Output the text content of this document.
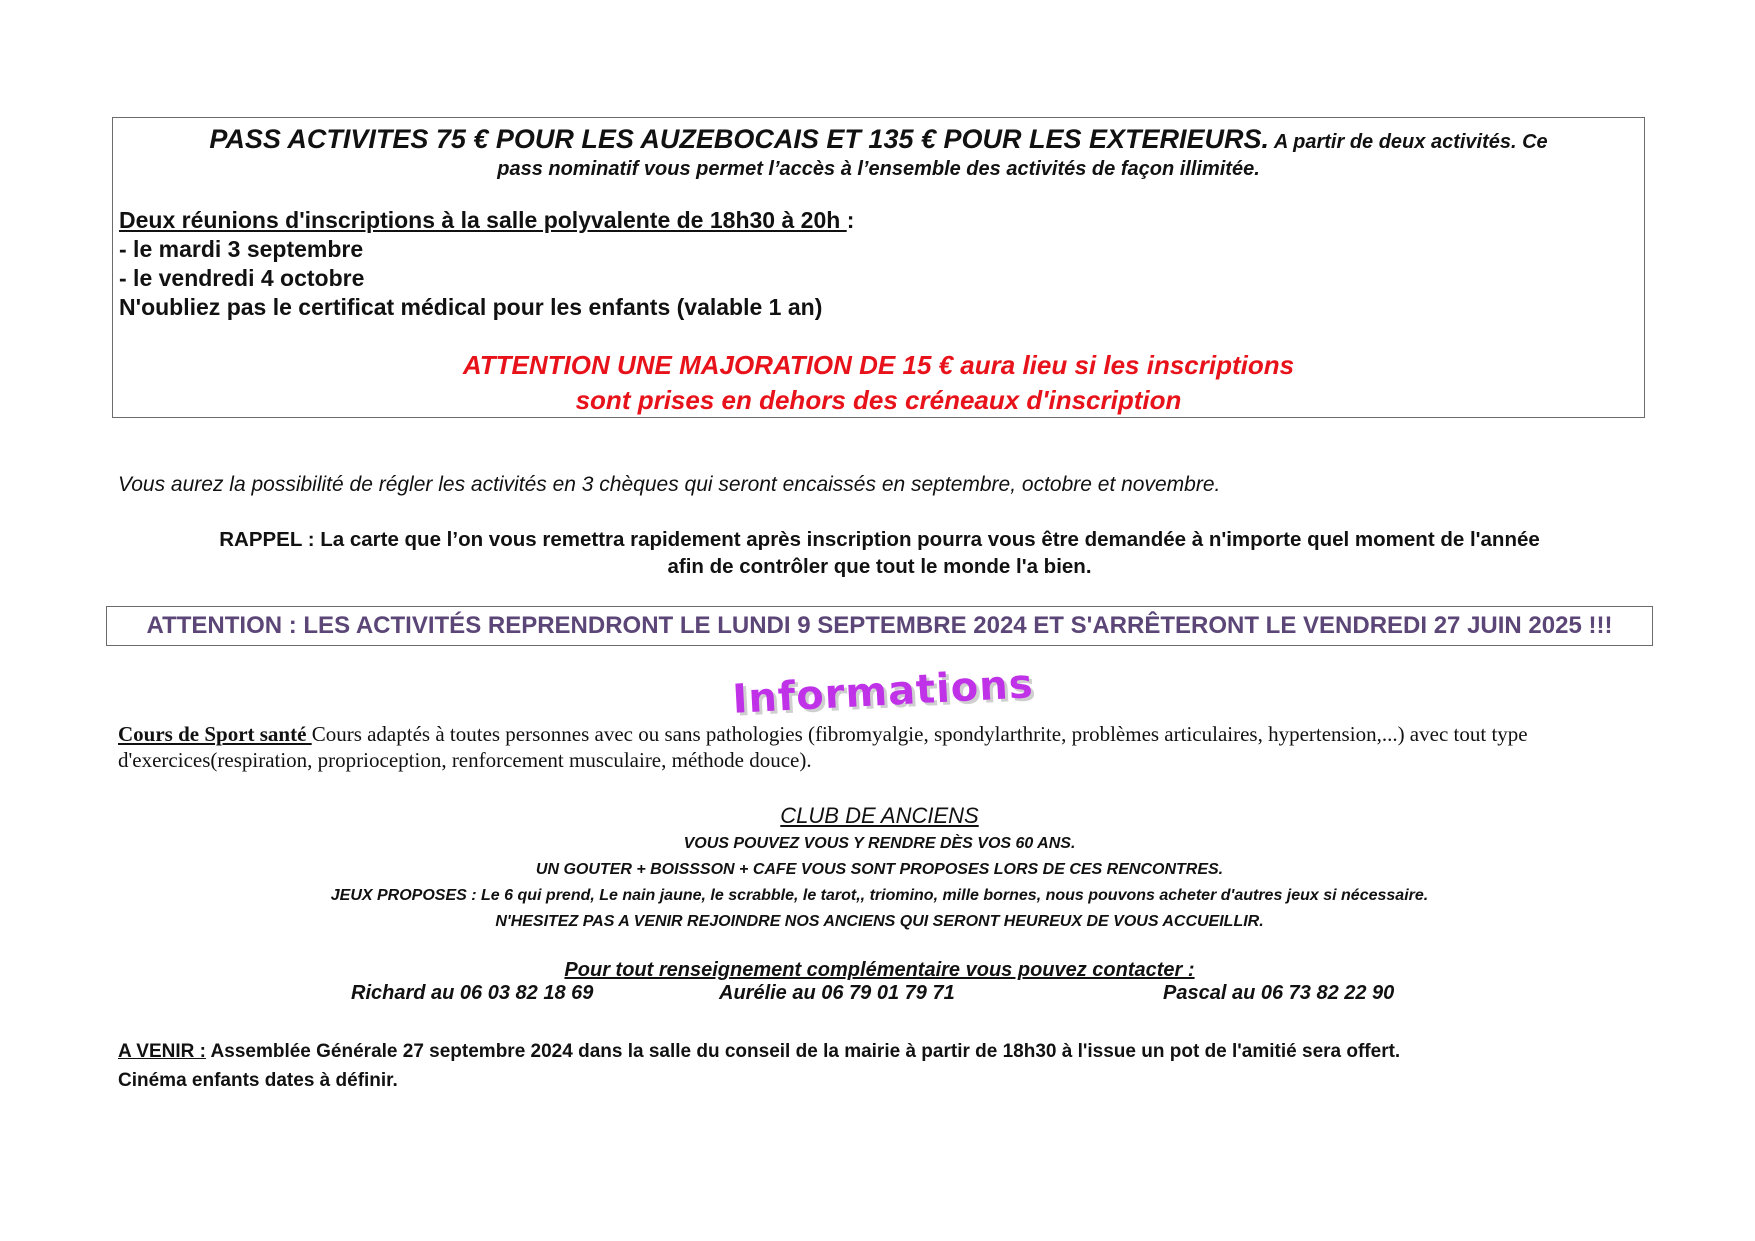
PASS ACTIVITES 75 € POUR LES AUZEBOCAIS ET 135 € POUR LES EXTERIEURS. A partir de deux activités. Ce
pass nominatif vous permet l’accès à l’ensemble des activités de façon illimitée.
Deux réunions d'inscriptions à la salle polyvalente de 18h30 à 20h :
- le mardi 3 septembre
- le vendredi 4 octobre
N'oubliez pas le certificat médical pour les enfants (valable 1 an)
ATTENTION UNE MAJORATION DE 15 € aura lieu si les inscriptions
sont prises en dehors des créneaux d'inscription
Vous aurez la possibilité de régler les activités en 3 chèques qui seront encaissés en septembre, octobre et novembre.
RAPPEL : La carte que l’on vous remettra rapidement après inscription pourra vous être demandée à n'importe quel moment de l'année
afin de contrôler que tout le monde l'a bien.
ATTENTION : LES ACTIVITÉS REPRENDRONT LE LUNDI 9 SEPTEMBRE 2024 ET S'ARRÊTERONT LE VENDREDI 27 JUIN 2025 !!!
Informations
Cours de Sport santé Cours adaptés à toutes personnes avec ou sans pathologies (fibromyalgie, spondylarthrite, problèmes articulaires, hypertension,...) avec tout type d'exercices(respiration, proprioception, renforcement musculaire, méthode douce).
CLUB DE ANCIENS
VOUS POUVEZ VOUS Y RENDRE DÈS VOS 60 ANS.
UN GOUTER + BOISSSON + CAFE VOUS SONT PROPOSES LORS DE CES RENCONTRES.
JEUX PROPOSES : Le 6 qui prend, Le nain jaune, le scrabble, le tarot,, triomino, mille bornes, nous pouvons acheter d'autres jeux si nécessaire.
N'HESITEZ PAS A VENIR REJOINDRE NOS ANCIENS QUI SERONT HEUREUX DE VOUS ACCUEILLIR.
Pour tout renseignement complémentaire vous pouvez contacter :
Richard au 06 03 82 18 69	Aurélie au 06 79 01 79 71	Pascal au 06 73 82 22 90
A VENIR : Assemblée Générale 27 septembre 2024 dans la salle du conseil de la mairie à partir de 18h30 à l'issue un pot de l'amitié sera offert.
Cinéma enfants dates à définir.
